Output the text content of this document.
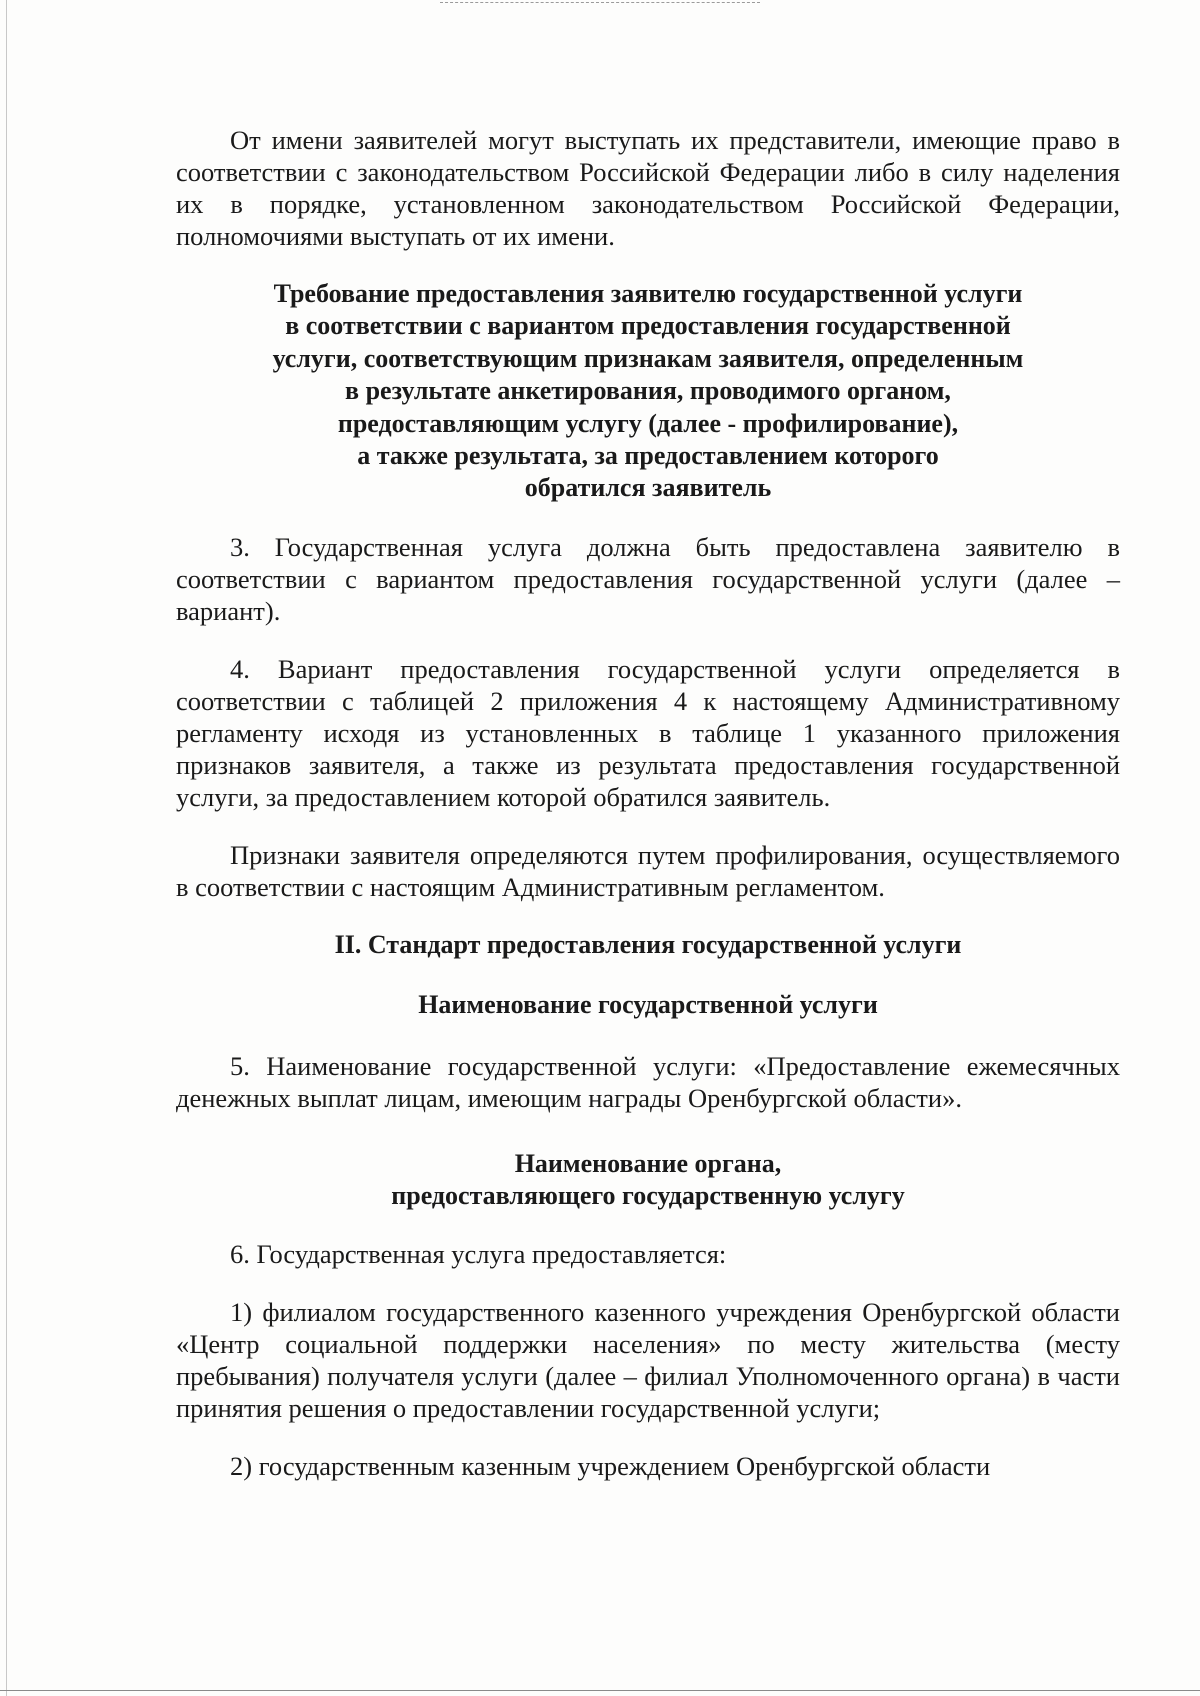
От имени заявителей могут выступать их представители, имеющие право в соответствии с законодательством Российской Федерации либо в силу наделения их в порядке, установленном законодательством Российской Федерации, полномочиями выступать от их имени.

Требование предоставления заявителю государственной услуги
в соответствии с вариантом предоставления государственной
услуги, соответствующим признакам заявителя, определенным
в результате анкетирования, проводимого органом,
предоставляющим услугу (далее - профилирование),
а также результата, за предоставлением которого
обратился заявитель

3. Государственная услуга должна быть предоставлена заявителю в соответствии с вариантом предоставления государственной услуги (далее – вариант).

4. Вариант предоставления государственной услуги определяется в соответствии с таблицей 2 приложения 4 к настоящему Административному регламенту исходя из установленных в таблице 1 указанного приложения признаков заявителя, а также из результата предоставления государственной услуги, за предоставлением которой обратился заявитель.

Признаки заявителя определяются путем профилирования, осуществляемого в соответствии с настоящим Административным регламентом.

II. Стандарт предоставления государственной услуги
Наименование государственной услуги

5. Наименование государственной услуги: «Предоставление ежемесячных денежных выплат лицам, имеющим награды Оренбургской области».

Наименование органа,
предоставляющего государственную услугу

6. Государственная услуга предоставляется:

1) филиалом государственного казенного учреждения Оренбургской области «Центр социальной поддержки населения» по месту жительства (месту пребывания) получателя услуги (далее – филиал Уполномоченного органа) в части принятия решения о предоставлении государственной услуги;

2) государственным казенным учреждением Оренбургской области
